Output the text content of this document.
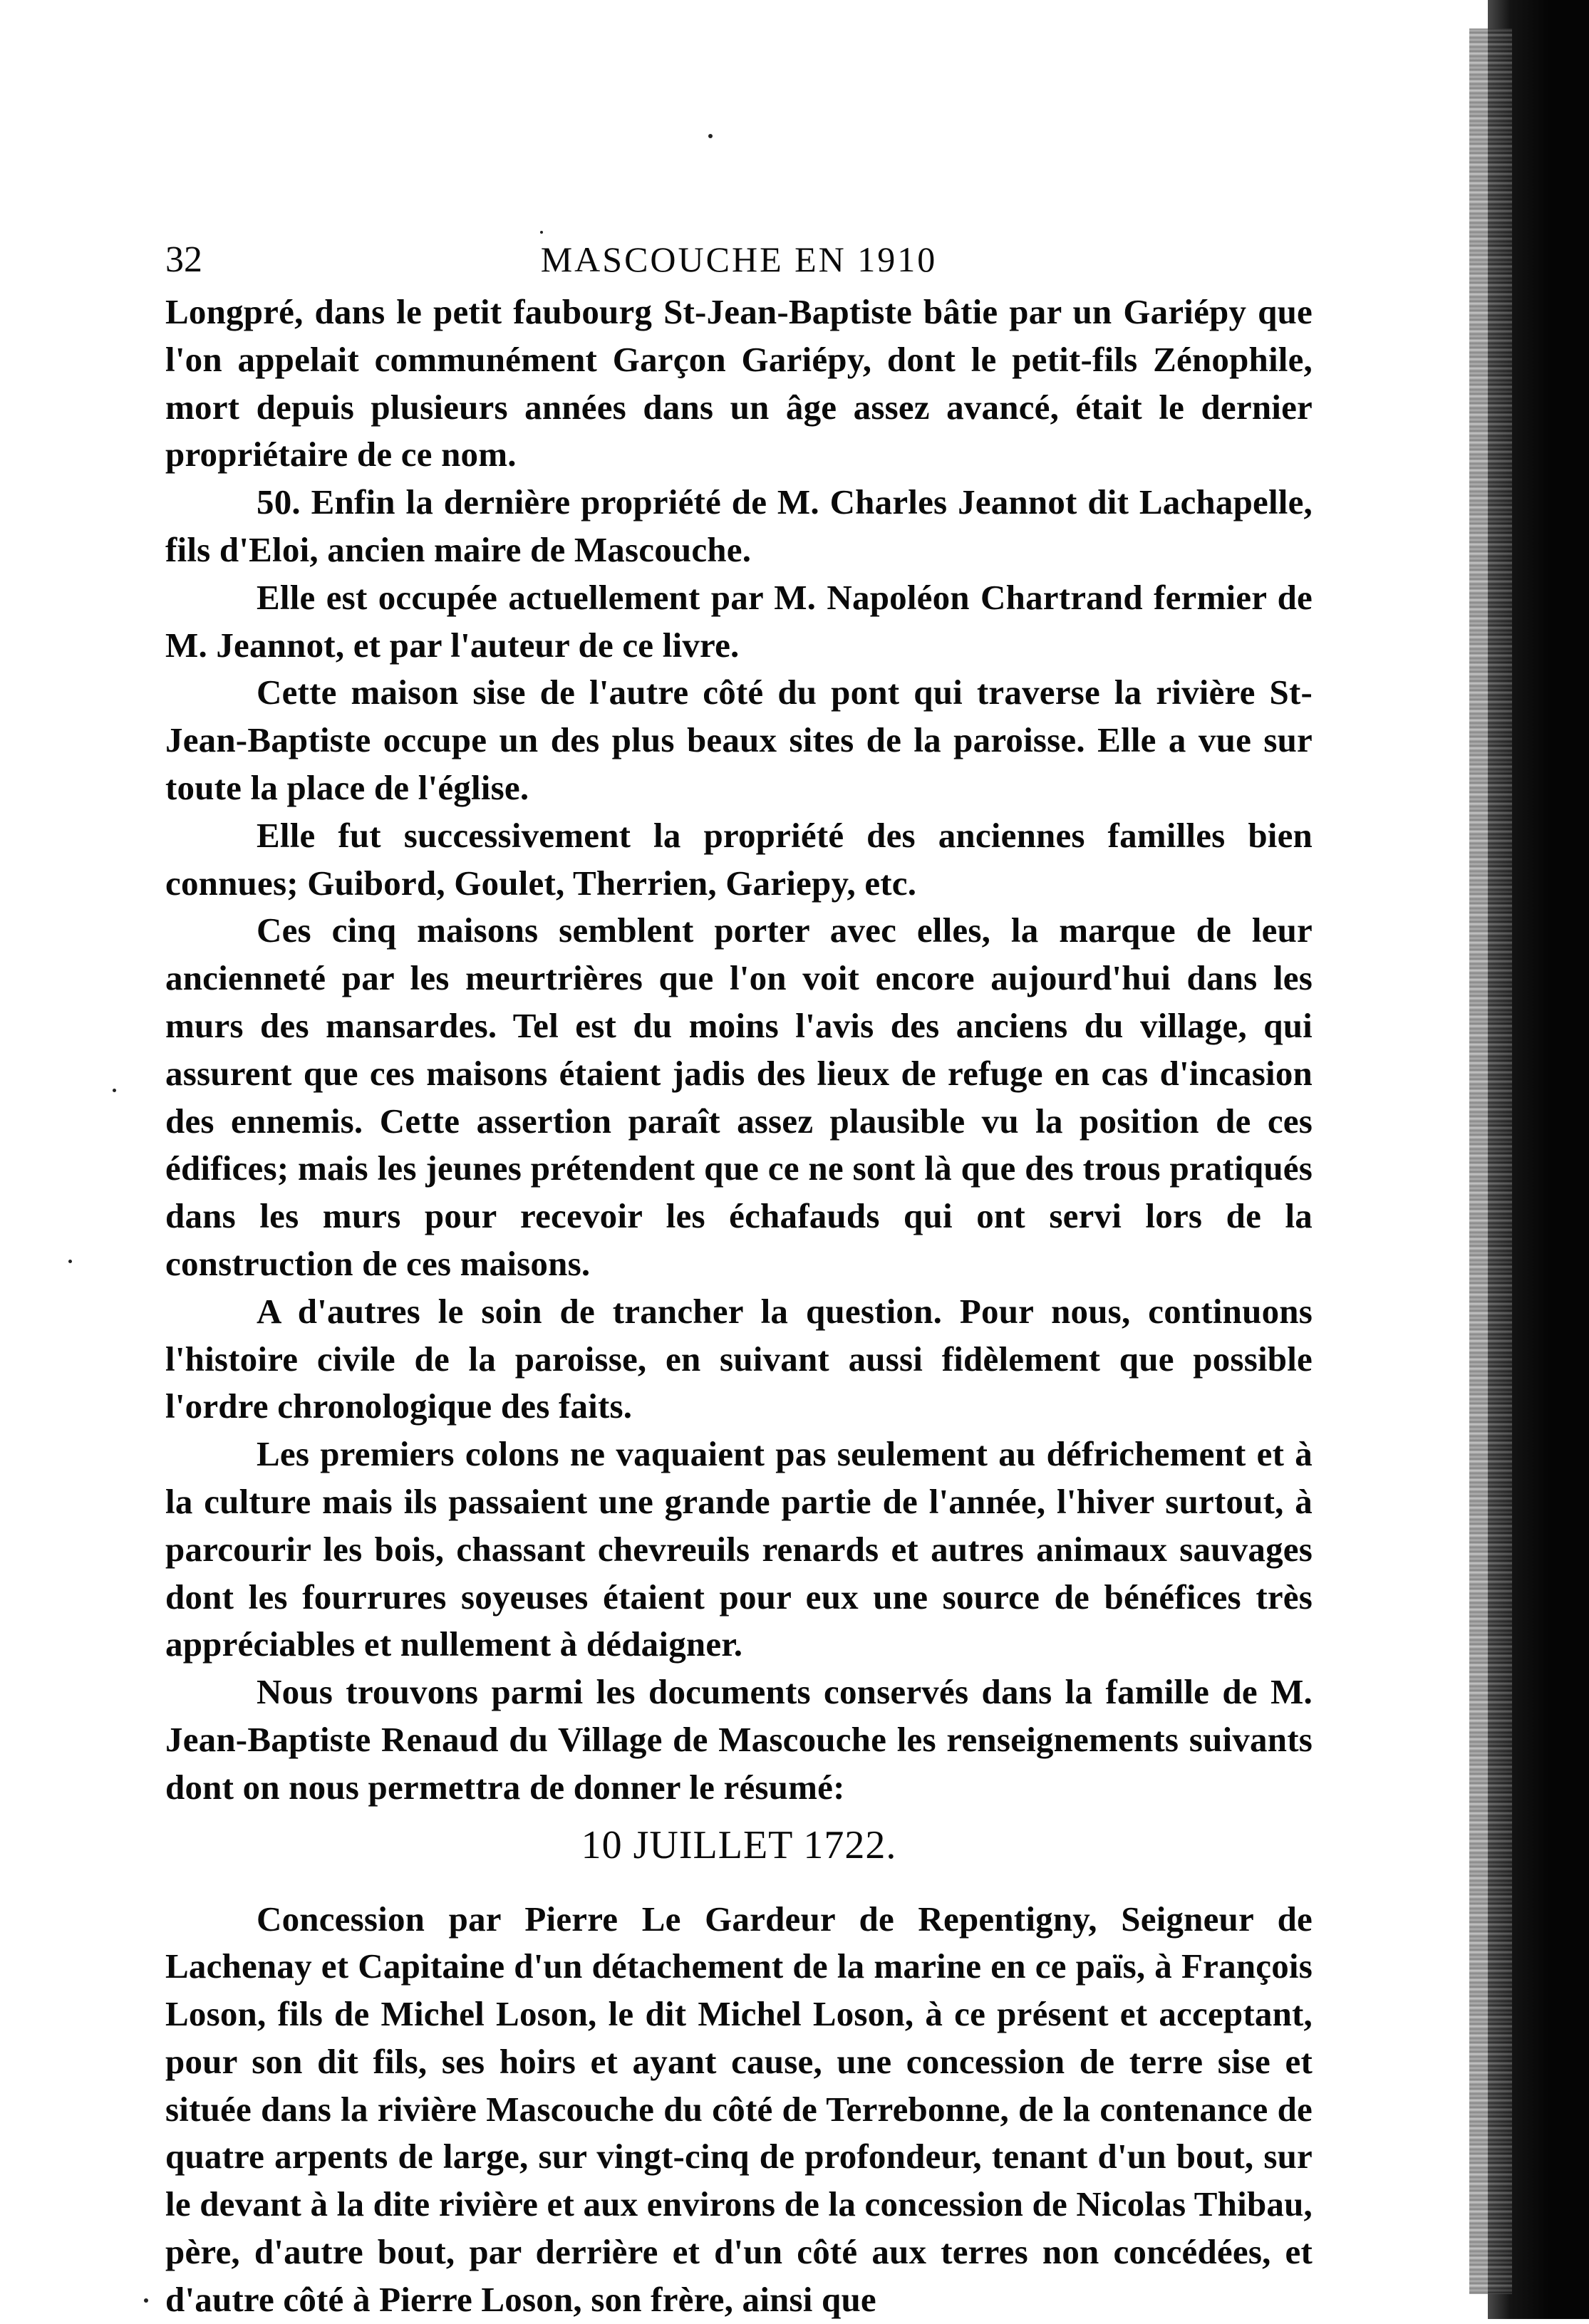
32	MASCOUCHE EN 1910

Longpré, dans le petit faubourg St-Jean-Baptiste bâtie par un Gariépy que l'on appelait communément Garçon Gariépy, dont le petit-fils Zénophile, mort depuis plusieurs années dans un âge assez avancé, était le dernier propriétaire de ce nom.

50. Enfin la dernière propriété de M. Charles Jeannot dit Lachapelle, fils d'Eloi, ancien maire de Mascouche.

Elle est occupée actuellement par M. Napoléon Chartrand fermier de M. Jeannot, et par l'auteur de ce livre.

Cette maison sise de l'autre côté du pont qui traverse la rivière St-Jean-Baptiste occupe un des plus beaux sites de la paroisse. Elle a vue sur toute la place de l'église.

Elle fut successivement la propriété des anciennes familles bien connues; Guibord, Goulet, Therrien, Gariepy, etc.

Ces cinq maisons semblent porter avec elles, la marque de leur ancienneté par les meurtrières que l'on voit encore aujourd'hui dans les murs des mansardes. Tel est du moins l'avis des anciens du village, qui assurent que ces maisons étaient jadis des lieux de refuge en cas d'incasion des ennemis. Cette assertion paraît assez plausible vu la position de ces édifices; mais les jeunes prétendent que ce ne sont là que des trous pratiqués dans les murs pour recevoir les échafauds qui ont servi lors de la construction de ces maisons.

A d'autres le soin de trancher la question. Pour nous, continuons l'histoire civile de la paroisse, en suivant aussi fidèlement que possible l'ordre chronologique des faits.

Les premiers colons ne vaquaient pas seulement au défrichement et à la culture mais ils passaient une grande partie de l'année, l'hiver surtout, à parcourir les bois, chassant chevreuils renards et autres animaux sauvages dont les fourrures soyeuses étaient pour eux une source de bénéfices très appréciables et nullement à dédaigner.

Nous trouvons parmi les documents conservés dans la famille de M. Jean-Baptiste Renaud du Village de Mascouche les renseignements suivants dont on nous permettra de donner le résumé:

10 JUILLET 1722.

Concession par Pierre Le Gardeur de Repentigny, Seigneur de Lachenay et Capitaine d'un détachement de la marine en ce païs, à François Loson, fils de Michel Loson, le dit Michel Loson, à ce présent et acceptant, pour son dit fils, ses hoirs et ayant cause, une concession de terre sise et située dans la rivière Mascouche du côté de Terrebonne, de la contenance de quatre arpents de large, sur vingt-cinq de profondeur, tenant d'un bout, sur le devant à la dite rivière et aux environs de la concession de Nicolas Thibau, père, d'autre bout, par derrière et d'un côté aux terres non concédées, et d'autre côté à Pierre Loson, son frère, ainsi que
